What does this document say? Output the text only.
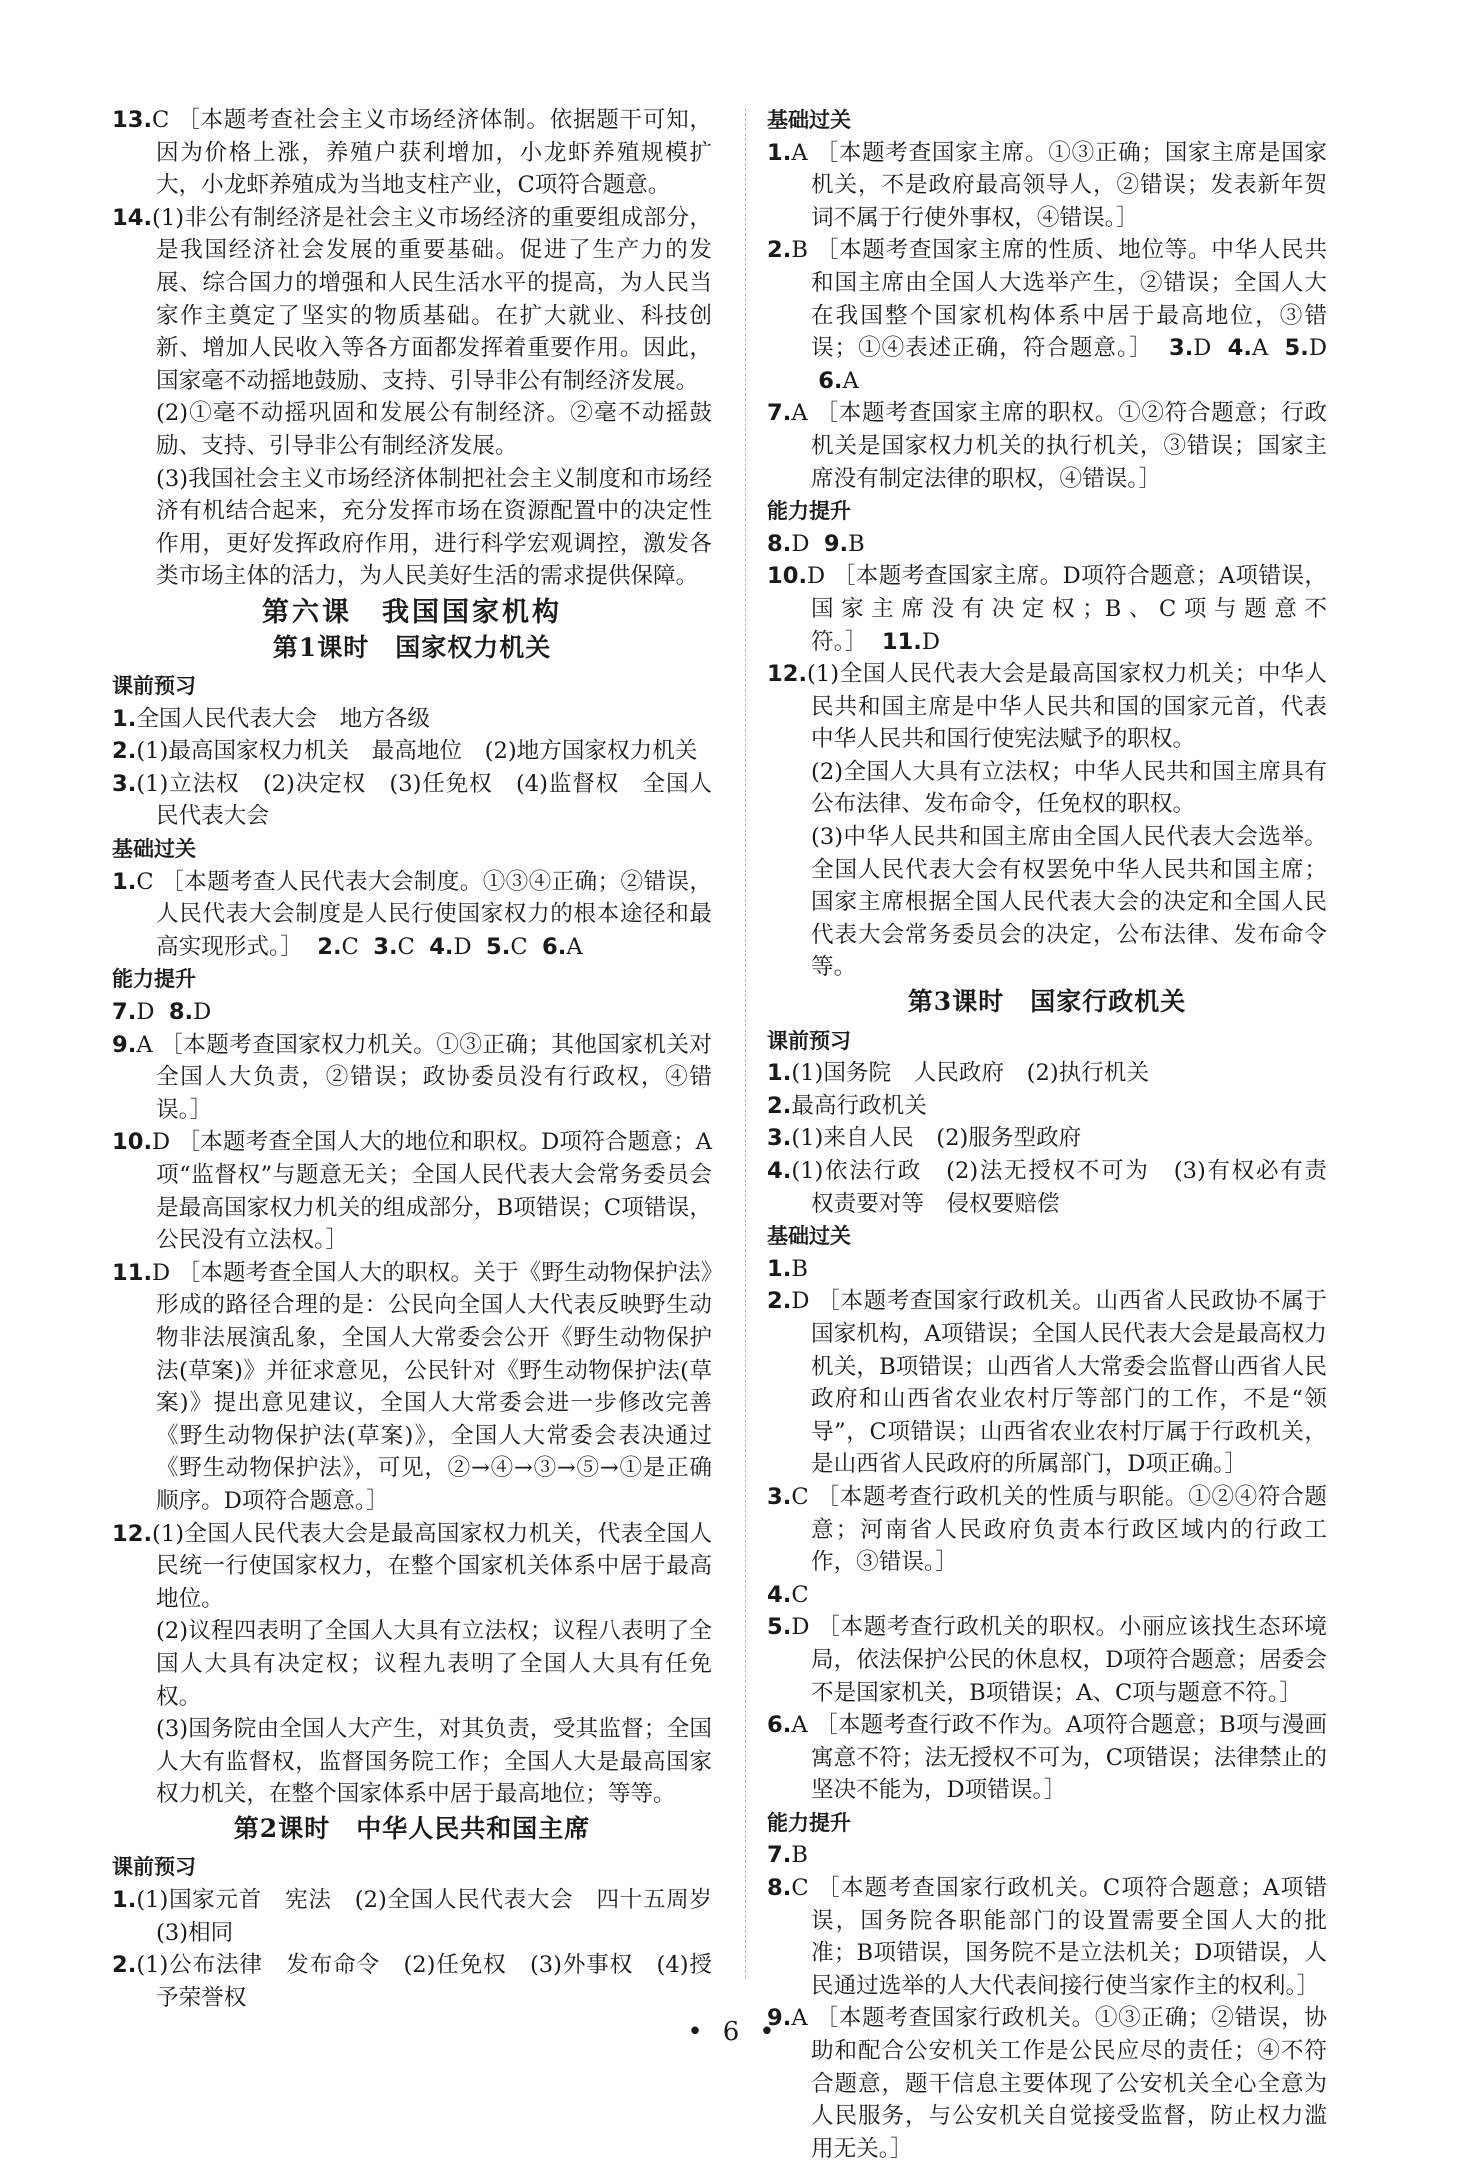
13.C ［本题考查社会主义市场经济体制。依据题干可知，因为价格上涨，养殖户获利增加，小龙虾养殖规模扩大，小龙虾养殖成为当地支柱产业，C项符合题意。

14.(1)非公有制经济是社会主义市场经济的重要组成部分，是我国经济社会发展的重要基础。促进了生产力的发展、综合国力的增强和人民生活水平的提高，为人民当家作主奠定了坚实的物质基础。在扩大就业、科技创新、增加人民收入等各方面都发挥着重要作用。因此，国家毫不动摇地鼓励、支持、引导非公有制经济发展。

(2)①毫不动摇巩固和发展公有制经济。②毫不动摇鼓励、支持、引导非公有制经济发展。

(3)我国社会主义市场经济体制把社会主义制度和市场经济有机结合起来，充分发挥市场在资源配置中的决定性作用，更好发挥政府作用，进行科学宏观调控，激发各类市场主体的活力，为人民美好生活的需求提供保障。

第六课　我国国家机构

第1课时　国家权力机关

课前预习

1.全国人民代表大会　地方各级

2.(1)最高国家权力机关　最高地位　(2)地方国家权力机关

3.(1)立法权　(2)决定权　(3)任免权　(4)监督权　全国人民代表大会

基础过关

1.C ［本题考查人民代表大会制度。①③④正确；②错误，人民代表大会制度是人民行使国家权力的根本途径和最高实现形式。］ 2.C 3.C 4.D 5.C 6.A

能力提升

7.D 8.D

9.A ［本题考查国家权力机关。①③正确；其他国家机关对全国人大负责，②错误；政协委员没有行政权，④错误。］

10.D ［本题考查全国人大的地位和职权。D项符合题意；A项“监督权”与题意无关；全国人民代表大会常务委员会是最高国家权力机关的组成部分，B项错误；C项错误，公民没有立法权。］

11.D ［本题考查全国人大的职权。关于《野生动物保护法》形成的路径合理的是：公民向全国人大代表反映野生动物非法展演乱象，全国人大常委会公开《野生动物保护法(草案)》并征求意见，公民针对《野生动物保护法(草案)》提出意见建议，全国人大常委会进一步修改完善《野生动物保护法(草案)》，全国人大常委会表决通过《野生动物保护法》，可见，②→④→③→⑤→①是正确顺序。D项符合题意。］

12.(1)全国人民代表大会是最高国家权力机关，代表全国人民统一行使国家权力，在整个国家机关体系中居于最高地位。

(2)议程四表明了全国人大具有立法权；议程八表明了全国人大具有决定权；议程九表明了全国人大具有任免权。

(3)国务院由全国人大产生，对其负责，受其监督；全国人大有监督权，监督国务院工作；全国人大是最高国家权力机关，在整个国家体系中居于最高地位；等等。

第2课时　中华人民共和国主席

课前预习

1.(1)国家元首　宪法　(2)全国人民代表大会　四十五周岁　(3)相同

2.(1)公布法律　发布命令　(2)任免权　(3)外事权　(4)授予荣誉权

基础过关

1.A ［本题考查国家主席。①③正确；国家主席是国家机关，不是政府最高领导人，②错误；发表新年贺词不属于行使外事权，④错误。］

2.B ［本题考查国家主席的性质、地位等。中华人民共和国主席由全国人大选举产生，②错误；全国人大在我国整个国家机构体系中居于最高地位，③错误；①④表述正确，符合题意。］ 3.D 4.A 5.D  6.A

7.A ［本题考查国家主席的职权。①②符合题意；行政机关是国家权力机关的执行机关，③错误；国家主席没有制定法律的职权，④错误。］

能力提升

8.D 9.B

10.D ［本题考查国家主席。D项符合题意；A项错误，国家主席没有决定权；B、C项与题意不符。］ 11.D

12.(1)全国人民代表大会是最高国家权力机关；中华人民共和国主席是中华人民共和国的国家元首，代表中华人民共和国行使宪法赋予的职权。

(2)全国人大具有立法权；中华人民共和国主席具有公布法律、发布命令，任免权的职权。

(3)中华人民共和国主席由全国人民代表大会选举。全国人民代表大会有权罢免中华人民共和国主席；国家主席根据全国人民代表大会的决定和全国人民代表大会常务委员会的决定，公布法律、发布命令等。

第3课时　国家行政机关

课前预习

1.(1)国务院　人民政府　(2)执行机关

2.最高行政机关

3.(1)来自人民　(2)服务型政府

4.(1)依法行政　(2)法无授权不可为　(3)有权必有责　权责要对等　侵权要赔偿

基础过关

1.B

2.D ［本题考查国家行政机关。山西省人民政协不属于国家机构，A项错误；全国人民代表大会是最高权力机关，B项错误；山西省人大常委会监督山西省人民政府和山西省农业农村厅等部门的工作，不是“领导”，C项错误；山西省农业农村厅属于行政机关，是山西省人民政府的所属部门，D项正确。］

3.C ［本题考查行政机关的性质与职能。①②④符合题意；河南省人民政府负责本行政区域内的行政工作，③错误。］

4.C

5.D ［本题考查行政机关的职权。小丽应该找生态环境局，依法保护公民的休息权，D项符合题意；居委会不是国家机关，B项错误；A、C项与题意不符。］

6.A ［本题考查行政不作为。A项符合题意；B项与漫画寓意不符；法无授权不可为，C项错误；法律禁止的坚决不能为，D项错误。］

能力提升

7.B

8.C ［本题考查国家行政机关。C项符合题意；A项错误，国务院各职能部门的设置需要全国人大的批准；B项错误，国务院不是立法机关；D项错误，人民通过选举的人大代表间接行使当家作主的权利。］

9.A ［本题考查国家行政机关。①③正确；②错误，协助和配合公安机关工作是公民应尽的责任；④不符合题意，题干信息主要体现了公安机关全心全意为人民服务，与公安机关自觉接受监督，防止权力滥用无关。］

• 6 •
